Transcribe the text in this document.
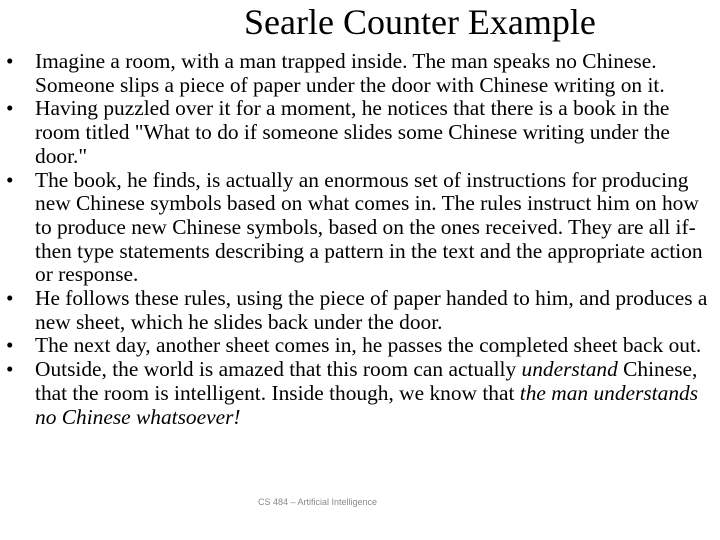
Searle Counter Example
• Imagine a room, with a man trapped inside. The man speaks no Chinese. Someone slips a piece of paper under the door with Chinese writing on it.
• Having puzzled over it for a moment, he notices that there is a book in the room titled "What to do if someone slides some Chinese writing under the door."
• The book, he finds, is actually an enormous set of instructions for producing new Chinese symbols based on what comes in. The rules instruct him on how to produce new Chinese symbols, based on the ones received. They are all if-then type statements describing a pattern in the text and the appropriate action or response.
• He follows these rules, using the piece of paper handed to him, and produces a new sheet, which he slides back under the door.
• The next day, another sheet comes in, he passes the completed sheet back out.
• Outside, the world is amazed that this room can actually understand Chinese, that the room is intelligent. Inside though, we know that the man understands no Chinese whatsoever!
CS 484 – Artificial Intelligence
